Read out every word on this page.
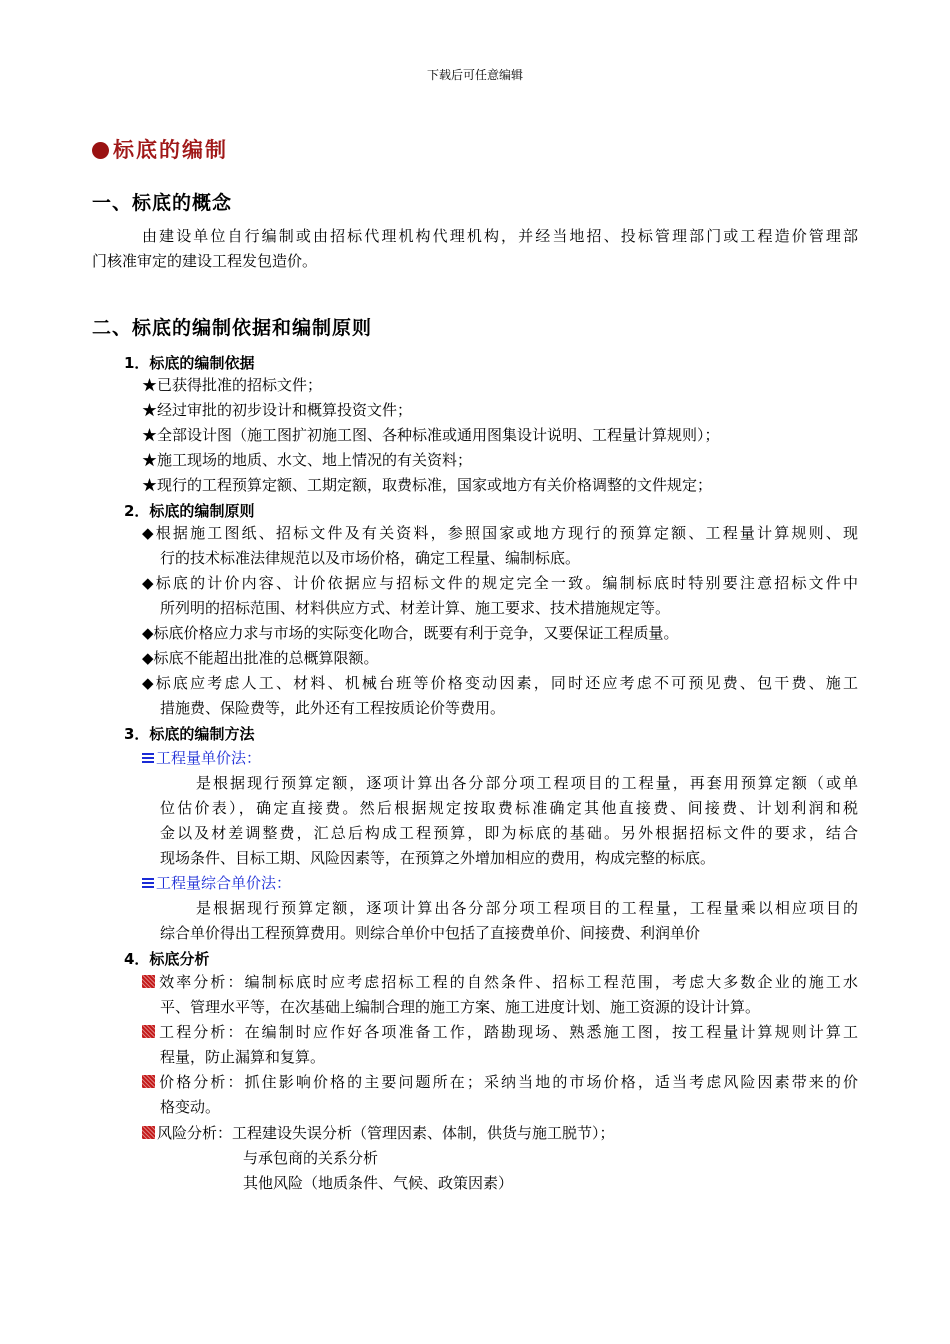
下载后可任意编辑
标底的编制
一、标底的概念
由建设单位自行编制或由招标代理机构代理机构，并经当地招、投标管理部门或工程造价管理部
门核准审定的建设工程发包造价。
二、标底的编制依据和编制原则
1．标底的编制依据
★已获得批准的招标文件；
★经过审批的初步设计和概算投资文件；
★全部设计图（施工图扩初施工图、各种标准或通用图集设计说明、工程量计算规则）；
★施工现场的地质、水文、地上情况的有关资料；
★现行的工程预算定额、工期定额，取费标准，国家或地方有关价格调整的文件规定；
2．标底的编制原则
◆根据施工图纸、招标文件及有关资料，参照国家或地方现行的预算定额、工程量计算规则、现
行的技术标准法律规范以及市场价格，确定工程量、编制标底。
◆标底的计价内容、计价依据应与招标文件的规定完全一致。编制标底时特别要注意招标文件中
所列明的招标范围、材料供应方式、材差计算、施工要求、技术措施规定等。
◆标底价格应力求与市场的实际变化吻合，既要有利于竞争，又要保证工程质量。
◆标底不能超出批准的总概算限额。
◆标底应考虑人工、材料、机械台班等价格变动因素，同时还应考虑不可预见费、包干费、施工
措施费、保险费等，此外还有工程按质论价等费用。
3．标底的编制方法
工程量单价法：
是根据现行预算定额，逐项计算出各分部分项工程项目的工程量，再套用预算定额（或单
位估价表），确定直接费。然后根据规定按取费标准确定其他直接费、间接费、计划利润和税
金以及材差调整费，汇总后构成工程预算，即为标底的基础。另外根据招标文件的要求，结合
现场条件、目标工期、风险因素等，在预算之外增加相应的费用，构成完整的标底。
工程量综合单价法：
是根据现行预算定额，逐项计算出各分部分项工程项目的工程量，工程量乘以相应项目的
综合单价得出工程预算费用。则综合单价中包括了直接费单价、间接费、利润单价
4．标底分析
效率分析：编制标底时应考虑招标工程的自然条件、招标工程范围，考虑大多数企业的施工水
平、管理水平等，在次基础上编制合理的施工方案、施工进度计划、施工资源的设计计算。
工程分析：在编制时应作好各项准备工作，踏勘现场、熟悉施工图，按工程量计算规则计算工
程量，防止漏算和复算。
价格分析：抓住影响价格的主要问题所在；采纳当地的市场价格，适当考虑风险因素带来的价
格变动。
风险分析：工程建设失误分析（管理因素、体制，供货与施工脱节）；
与承包商的关系分析
其他风险（地质条件、气候、政策因素）
